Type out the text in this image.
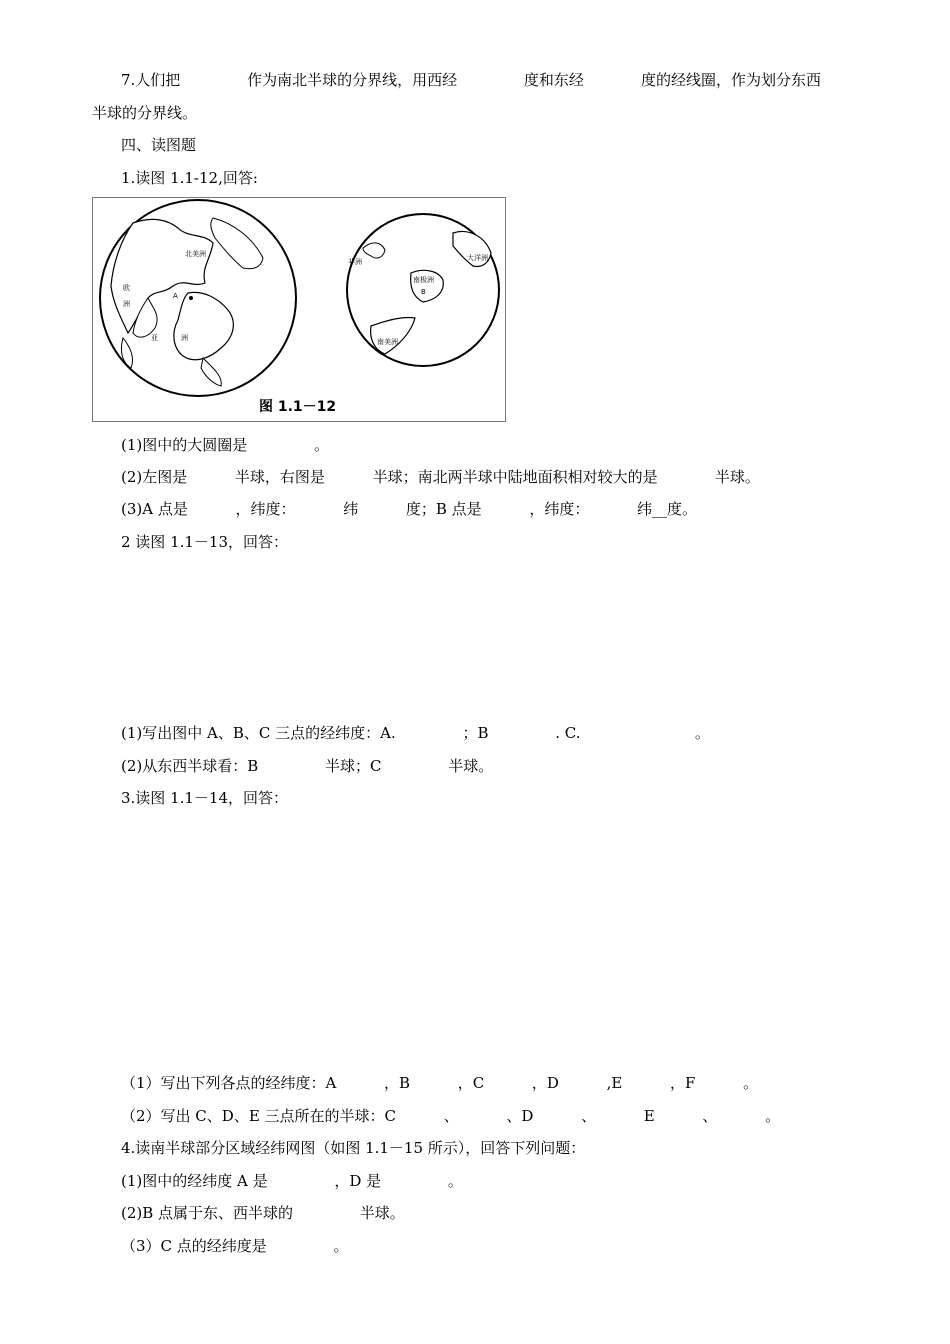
7.人们把              作为南北半球的分界线，用西经              度和东经            度的经线圈，作为划分东西
半球的分界线。
四、读图题
1.读图 1.1-12,回答:
北美洲
欧
洲
亚	洲
A
非洲
南极洲
大洋洲
南美洲
B
图 1.1－12
(1)图中的大圆圈是              。
(2)左图是          半球，右图是          半球；南北两半球中陆地面积相对较大的是            半球。
(3)A 点是          ，纬度：          纬          度；B 点是          ，纬度：          纬__度。
2 读图 1.1－13，回答：
(1)写出图中 A、B、C 三点的经纬度：A.              ；B              . C.                        。
(2)从东西半球看：B              半球；C              半球。
3.读图 1.1－14，回答：
（1）写出下列各点的经纬度：A          ，B          ，C          ，D          ,E          ，F          。
（2）写出 C、D、E 三点所在的半球：C          、          、D          、          E          、          。
4.读南半球部分区域经纬网图（如图 1.1－15 所示），回答下列问题：
(1)图中的经纬度 A 是              ，D 是              。
(2)B 点属于东、西半球的              半球。
（3）C 点的经纬度是              。
